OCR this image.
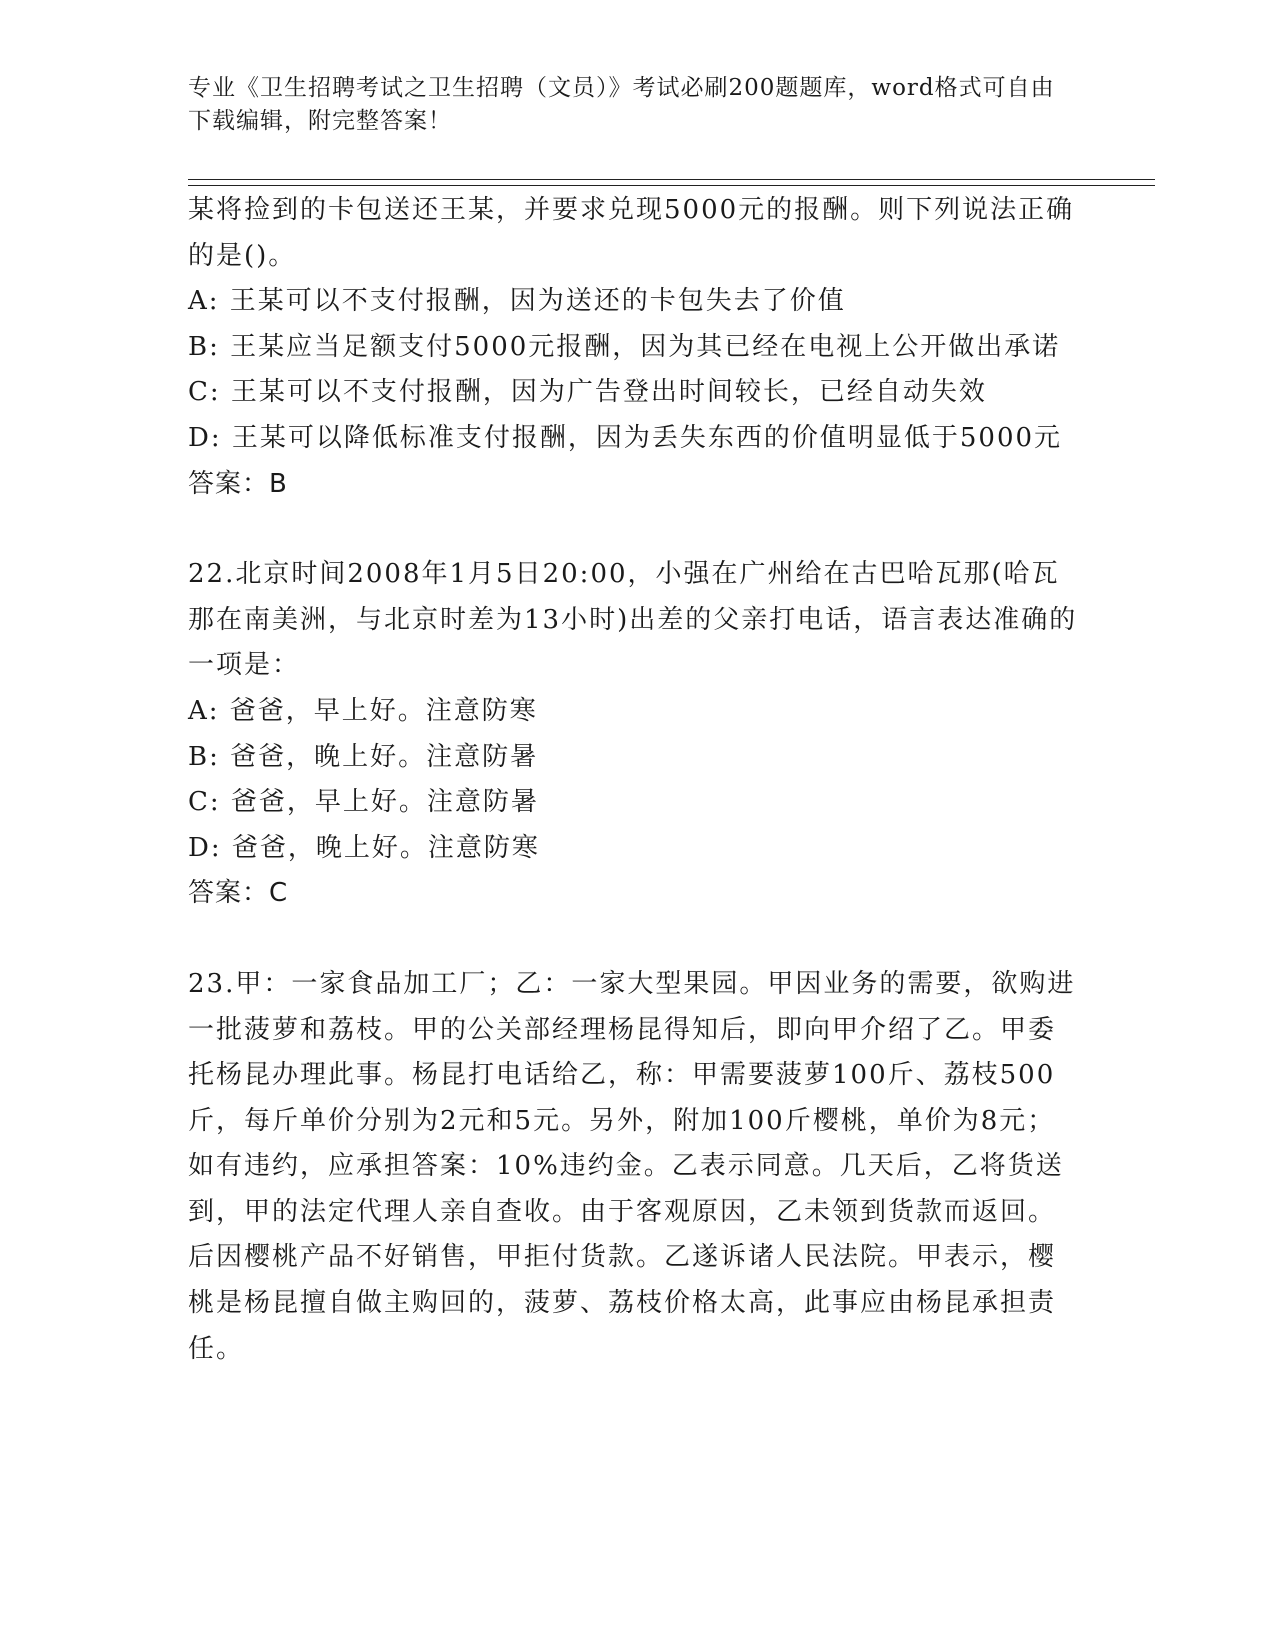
专业《卫生招聘考试之卫生招聘（文员）》考试必刷200题题库，word格式可自由下载编辑，附完整答案！

某将捡到的卡包送还王某，并要求兑现5000元的报酬。则下列说法正确的是()。

A: 王某可以不支付报酬，因为送还的卡包失去了价值

B: 王某应当足额支付5000元报酬，因为其已经在电视上公开做出承诺

C: 王某可以不支付报酬，因为广告登出时间较长，已经自动失效

D: 王某可以降低标准支付报酬，因为丢失东西的价值明显低于5000元

答案：B

22.北京时间2008年1月5日20:00，小强在广州给在古巴哈瓦那(哈瓦那在南美洲，与北京时差为13小时)出差的父亲打电话，语言表达准确的一项是：

A: 爸爸，早上好。注意防寒

B: 爸爸，晚上好。注意防暑

C: 爸爸，早上好。注意防暑

D: 爸爸，晚上好。注意防寒

答案：C

23.甲：一家食品加工厂；乙：一家大型果园。甲因业务的需要，欲购进一批菠萝和荔枝。甲的公关部经理杨昆得知后，即向甲介绍了乙。甲委托杨昆办理此事。杨昆打电话给乙，称：甲需要菠萝100斤、荔枝500斤，每斤单价分别为2元和5元。另外，附加100斤樱桃，单价为8元；如有违约，应承担答案：10%违约金。乙表示同意。几天后，乙将货送到，甲的法定代理人亲自查收。由于客观原因，乙未领到货款而返回。后因樱桃产品不好销售，甲拒付货款。乙遂诉诸人民法院。甲表示，樱桃是杨昆擅自做主购回的，菠萝、荔枝价格太高，此事应由杨昆承担责任。
